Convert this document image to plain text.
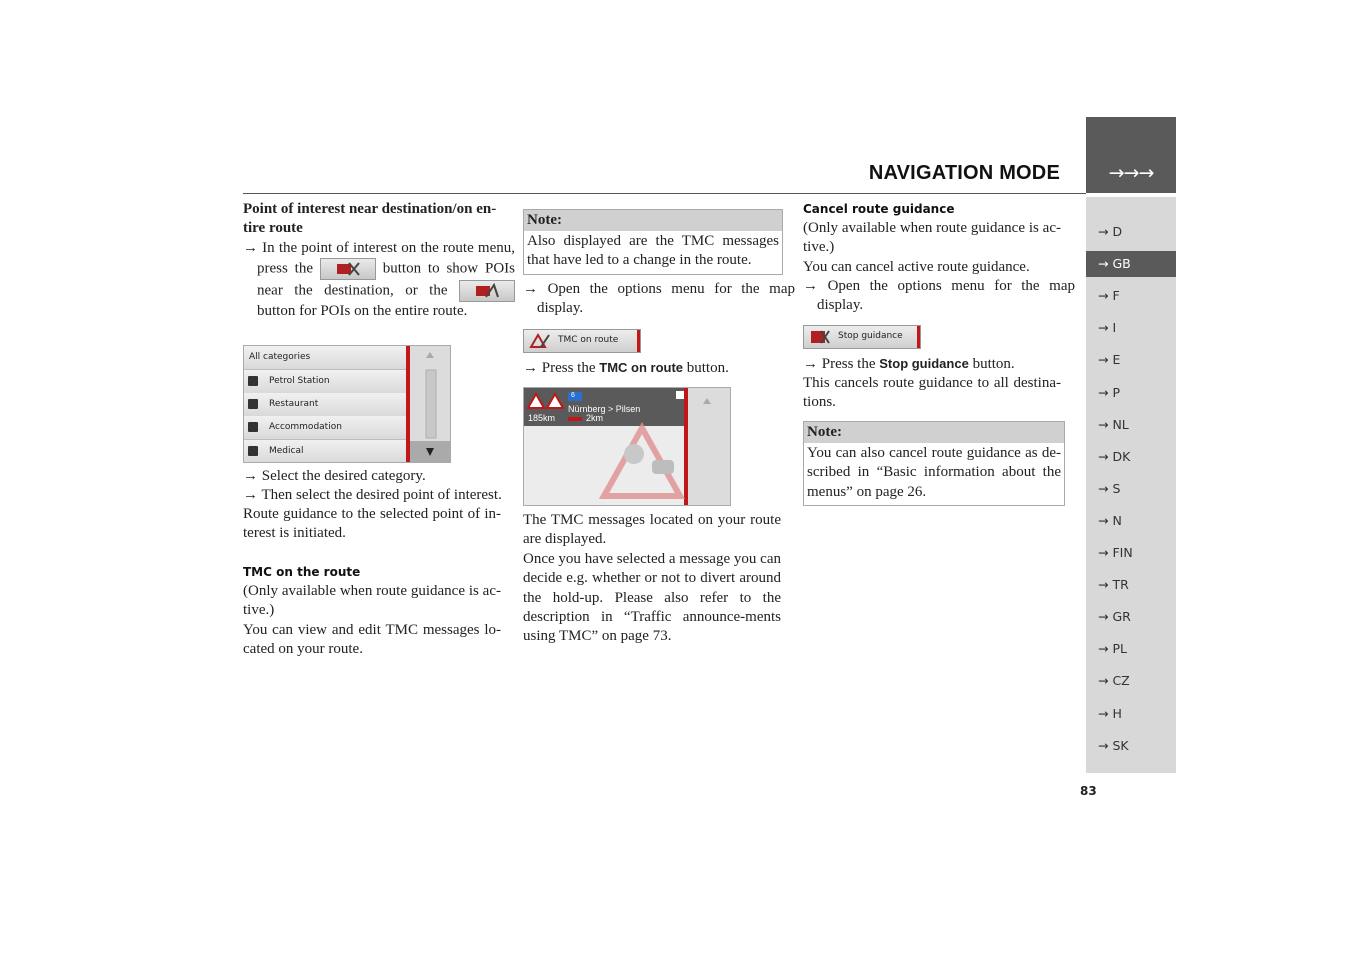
NAVIGATION MODE	→→→
→ D
→ GB
→ F
→ I
→ E
→ P
→ NL
→ DK
→ S
→ N
→ FIN
→ TR
→ GR
→ PL
→ CZ
→ H
→ SK
83
Point of interest near destination/on en-tire route
→ In the point of interest on the route menu, press the	button to show POIs near the destination, or the
button for POIs on the entire route.
All categories
Petrol Station
Restaurant
Accommodation
Medical
→ Select the desired category.
→ Then select the desired point of interest.
Route guidance to the selected point of in-terest is initiated.
TMC on the route
(Only available when route guidance is ac-tive.)
You can view and edit TMC messages lo-cated on your route.
Note:
Also displayed are the TMC messages that have led to a change in the route.
→ Open the options menu for the map display.
TMC on route
→ Press the TMC on route button.
6
Nürnberg > Pilsen
185km	2km
The TMC messages located on your route are displayed.
Once you have selected a message you can decide e.g. whether or not to divert around the hold-up. Please also refer to the description in “Traffic announce-ments using TMC” on page 73.
Cancel route guidance
(Only available when route guidance is ac-tive.)
You can cancel active route guidance.
→ Open the options menu for the map display.
Stop guidance
→ Press the Stop guidance button.
This cancels route guidance to all destina-tions.
Note:
You can also cancel route guidance as de-scribed in “Basic information about the menus” on page 26.
